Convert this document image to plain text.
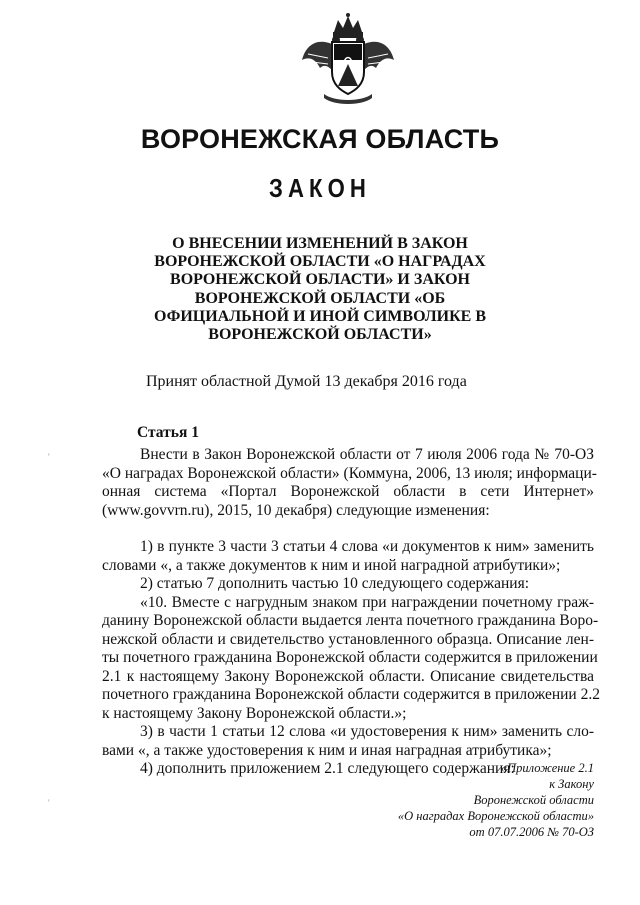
ВОРОНЕЖСКАЯ ОБЛАСТЬ
ЗАКОН
О ВНЕСЕНИИ ИЗМЕНЕНИЙ В ЗАКОН
ВОРОНЕЖСКОЙ ОБЛАСТИ «О НАГРАДАХ
ВОРОНЕЖСКОЙ ОБЛАСТИ» И ЗАКОН
ВОРОНЕЖСКОЙ ОБЛАСТИ «ОБ
ОФИЦИАЛЬНОЙ И ИНОЙ СИМВОЛИКЕ В
ВОРОНЕЖСКОЙ ОБЛАСТИ»
Принят областной Думой 13 декабря 2016 года
Статья 1
Внести в Закон Воронежской области от 7 июля 2006 года № 70-ОЗ
«О наградах Воронежской области» (Коммуна, 2006, 13 июля; информаци-
онная система «Портал Воронежской области в сети Интернет»
(www.govvrn.ru), 2015, 10 декабря) следующие изменения:
1) в пункте 3 части 3 статьи 4 слова «и документов к ним» заменить
словами «, а также документов к ним и иной наградной атрибутики»;
2) статью 7 дополнить частью 10 следующего содержания:
«10. Вместе с нагрудным знаком при награждении почетному граж-
данину Воронежской области выдается лента почетного гражданина Воро-
нежской области и свидетельство установленного образца. Описание лен-
ты почетного гражданина Воронежской области содержится в приложении
2.1 к настоящему Закону Воронежской области. Описание свидетельства
почетного гражданина Воронежской области содержится в приложении 2.2
к настоящему Закону Воронежской области.»;
3) в части 1 статьи 12 слова «и удостоверения к ним» заменить сло-
вами «, а также удостоверения к ним и иная наградная атрибутика»;
4) дополнить приложением 2.1 следующего содержания:
«Приложение 2.1
к Закону
Воронежской области
«О наградах Воронежской области»
от 07.07.2006 № 70-ОЗ
'
'
